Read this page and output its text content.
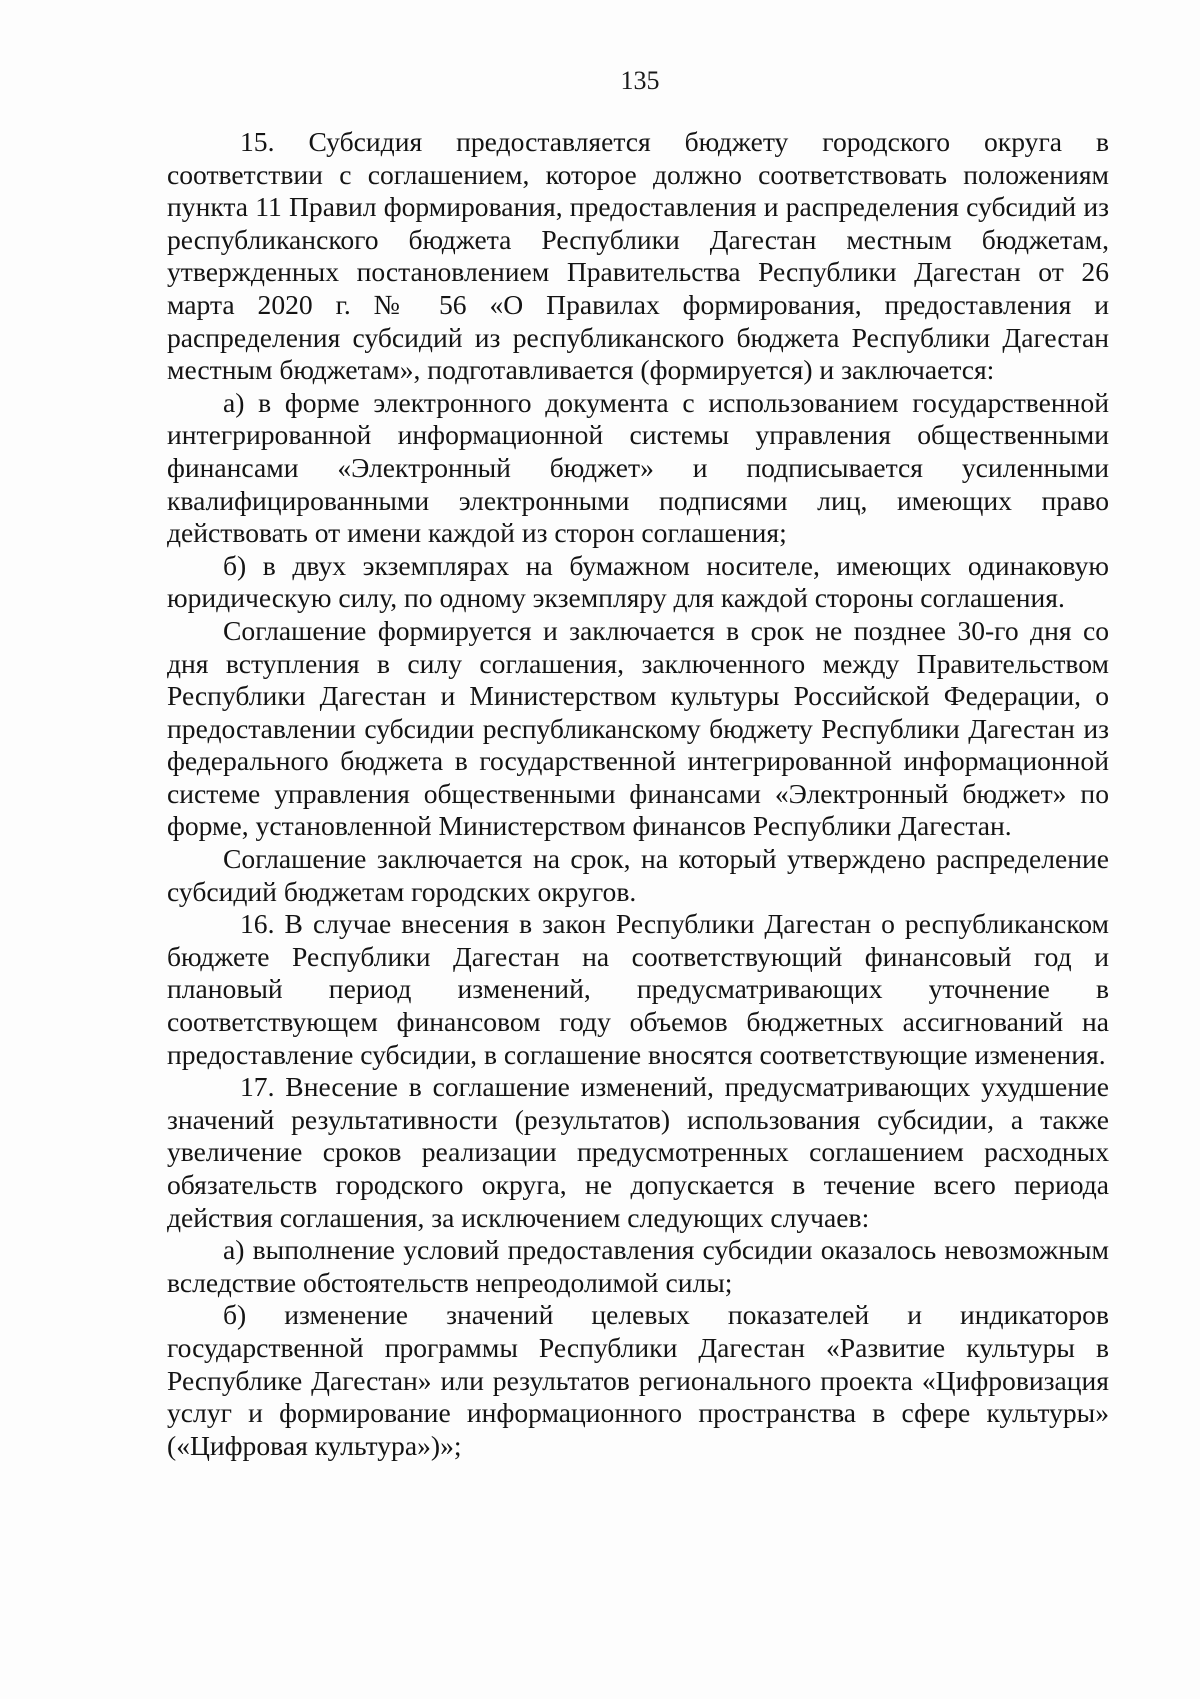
135

15. Субсидия предоставляется бюджету городского округа в соответствии с соглашением, которое должно соответствовать положениям пункта 11 Правил формирования, предоставления и распределения субсидий из республиканского бюджета Республики Дагестан местным бюджетам, утвержденных постановлением Правительства Республики Дагестан от 26 марта 2020 г. № 56 «О Правилах формирования, предоставления и распределения субсидий из республиканского бюджета Республики Дагестан местным бюджетам», подготавливается (формируется) и заключается:

а) в форме электронного документа с использованием государственной интегрированной информационной системы управления общественными финансами «Электронный бюджет» и подписывается усиленными квалифицированными электронными подписями лиц, имеющих право действовать от имени каждой из сторон соглашения;

б) в двух экземплярах на бумажном носителе, имеющих одинаковую юридическую силу, по одному экземпляру для каждой стороны соглашения.

Соглашение формируется и заключается в срок не позднее 30-го дня со дня вступления в силу соглашения, заключенного между Правительством Республики Дагестан и Министерством культуры Российской Федерации, о предоставлении субсидии республиканскому бюджету Республики Дагестан из федерального бюджета в государственной интегрированной информационной системе управления общественными финансами «Электронный бюджет» по форме, установленной Министерством финансов Республики Дагестан.

Соглашение заключается на срок, на который утверждено распределение субсидий бюджетам городских округов.

16. В случае внесения в закон Республики Дагестан о республиканском бюджете Республики Дагестан на соответствующий финансовый год и плановый период изменений, предусматривающих уточнение в соответствующем финансовом году объемов бюджетных ассигнований на предоставление субсидии, в соглашение вносятся соответствующие изменения.

17. Внесение в соглашение изменений, предусматривающих ухудшение значений результативности (результатов) использования субсидии, а также увеличение сроков реализации предусмотренных соглашением расходных обязательств городского округа, не допускается в течение всего периода действия соглашения, за исключением следующих случаев:

а) выполнение условий предоставления субсидии оказалось невозможным вследствие обстоятельств непреодолимой силы;

б) изменение значений целевых показателей и индикаторов государственной программы Республики Дагестан «Развитие культуры в Республике Дагестан» или результатов регионального проекта «Цифровизация услуг и формирование информационного пространства в сфере культуры» («Цифровая культура»)»;
